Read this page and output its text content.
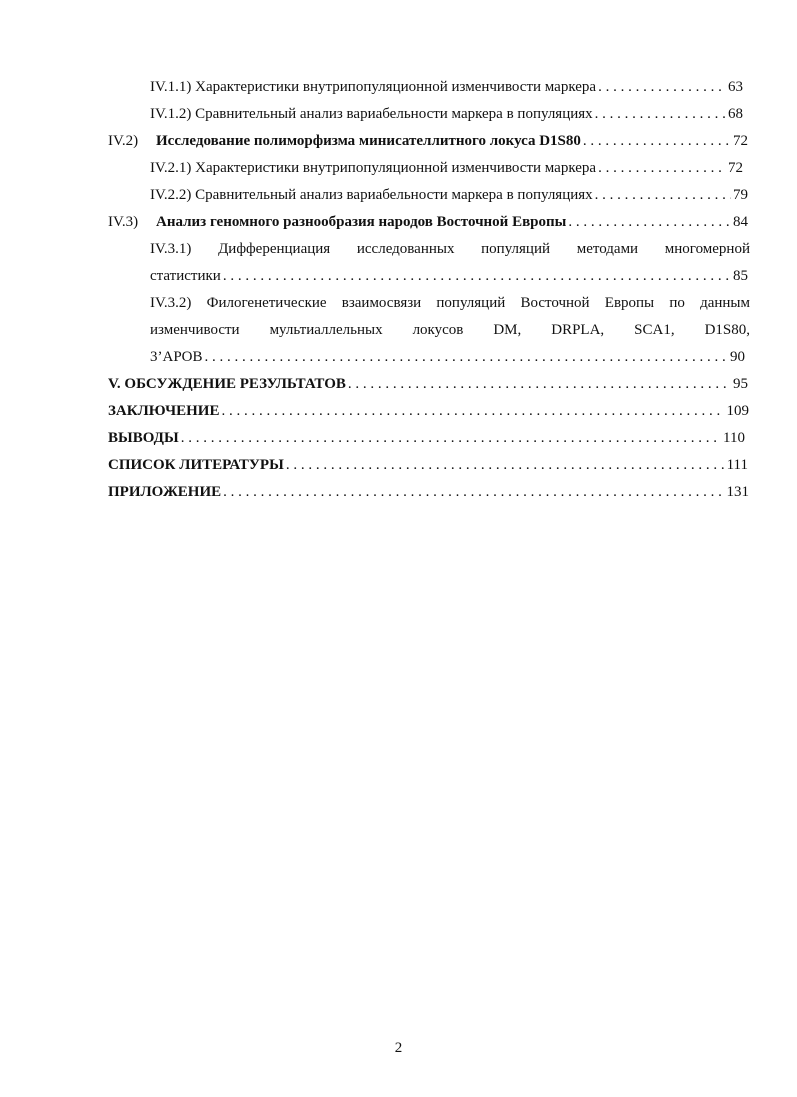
IV.1.1) Характеристики внутрипопуляционной изменчивости маркера . . .	63
IV.1.2) Сравнительный анализ вариабельности маркера в популяциях . . .	68
IV.2)	Исследование полиморфизма минисателлитного локуса D1S80 . . .	72
IV.2.1) Характеристики внутрипопуляционной изменчивости маркера . . .	72
IV.2.2) Сравнительный анализ вариабельности маркера в популяциях . . .	79
IV.3)	Анализ геномного разнообразия народов Восточной Европы . . .	84
IV.3.1) Дифференциация исследованных популяций методами многомерной
статистики . . .	85
IV.3.2) Филогенетические взаимосвязи популяций Восточной Европы по данным
изменчивости мультиаллельных локусов DM, DRPLA, SCA1, D1S80,
3’APOB . . .	90
V. ОБСУЖДЕНИЕ РЕЗУЛЬТАТОВ . . .	95
ЗАКЛЮЧЕНИЕ . . .	109
ВЫВОДЫ . . .	110
СПИСОК ЛИТЕРАТУРЫ . . .	111
ПРИЛОЖЕНИЕ . . .	131
2
